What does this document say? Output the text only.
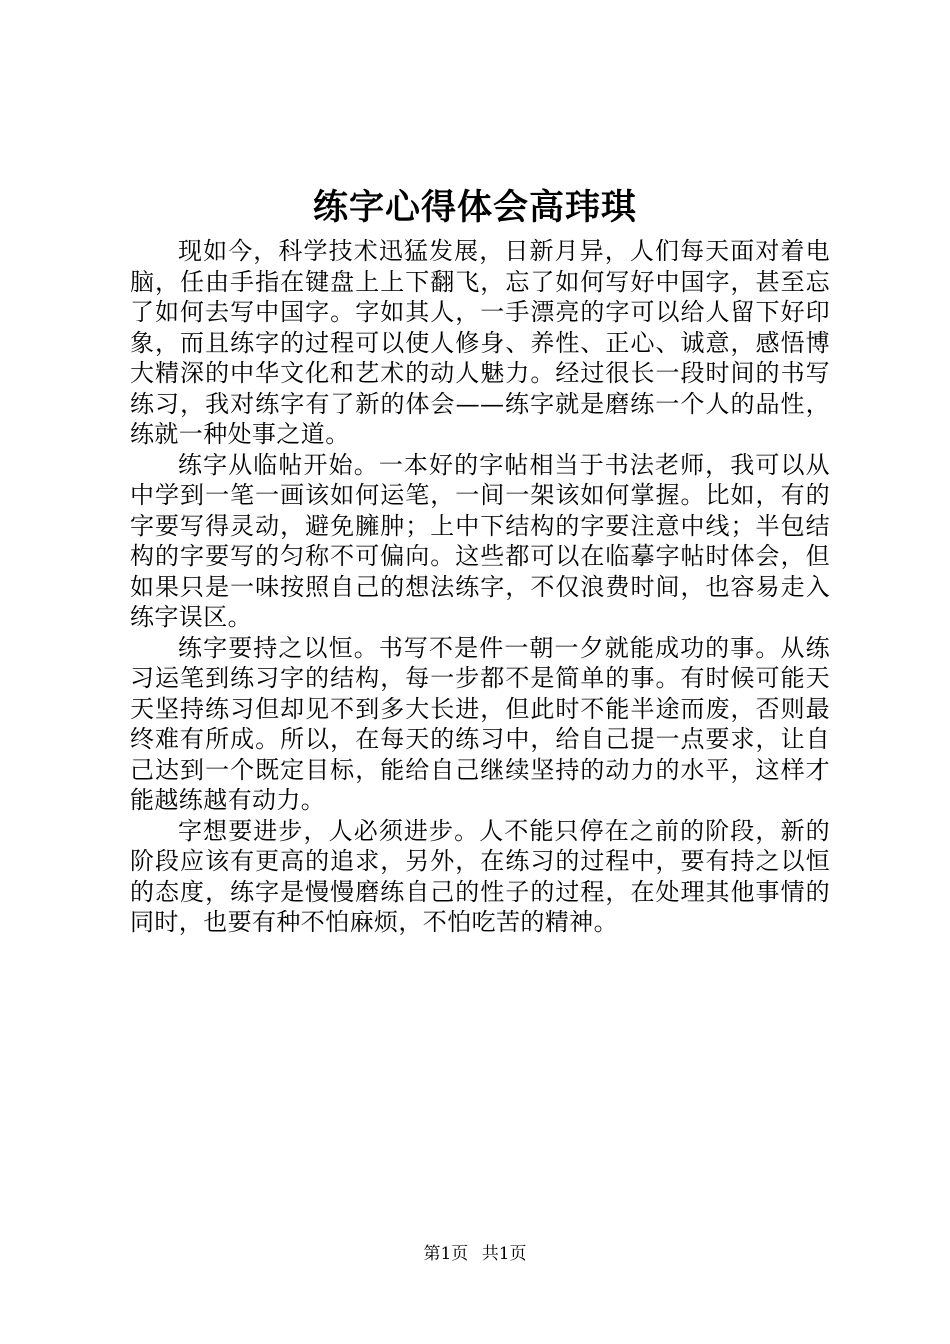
练字心得体会高玮琪

现如今，科学技术迅猛发展，日新月异，人们每天面对着电脑，任由手指在键盘上上下翻飞，忘了如何写好中国字，甚至忘了如何去写中国字。字如其人，一手漂亮的字可以给人留下好印象，而且练字的过程可以使人修身、养性、正心、诚意，感悟博大精深的中华文化和艺术的动人魅力。经过很长一段时间的书写练习，我对练字有了新的体会——练字就是磨练一个人的品性，练就一种处事之道。

练字从临帖开始。一本好的字帖相当于书法老师，我可以从中学到一笔一画该如何运笔，一间一架该如何掌握。比如，有的字要写得灵动，避免臃肿；上中下结构的字要注意中线；半包结构的字要写的匀称不可偏向。这些都可以在临摹字帖时体会，但如果只是一味按照自己的想法练字，不仅浪费时间，也容易走入练字误区。

练字要持之以恒。书写不是件一朝一夕就能成功的事。从练习运笔到练习字的结构，每一步都不是简单的事。有时候可能天天坚持练习但却见不到多大长进，但此时不能半途而废，否则最终难有所成。所以，在每天的练习中，给自己提一点要求，让自己达到一个既定目标，能给自己继续坚持的动力的水平，这样才能越练越有动力。

字想要进步，人必须进步。人不能只停在之前的阶段，新的阶段应该有更高的追求，另外，在练习的过程中，要有持之以恒的态度，练字是慢慢磨练自己的性子的过程，在处理其他事情的同时，也要有种不怕麻烦，不怕吃苦的精神。

第1页 共1页
